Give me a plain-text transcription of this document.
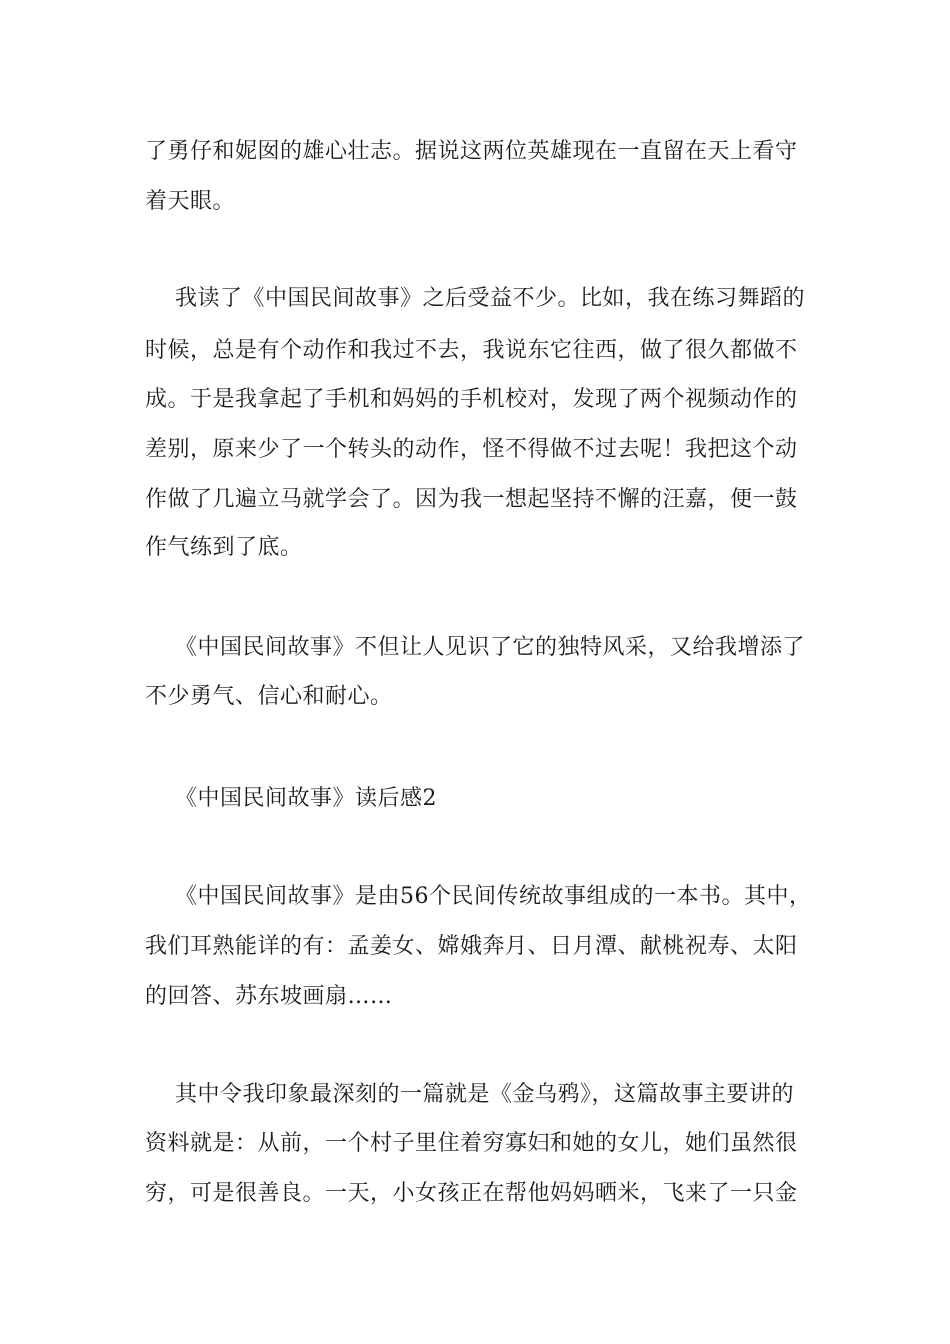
了勇仔和妮囡的雄心壮志。据说这两位英雄现在一直留在天上看守
着天眼。
我读了《中国民间故事》之后受益不少。比如，我在练习舞蹈的
时候，总是有个动作和我过不去，我说东它往西，做了很久都做不
成。于是我拿起了手机和妈妈的手机校对，发现了两个视频动作的
差别，原来少了一个转头的动作，怪不得做不过去呢！我把这个动
作做了几遍立马就学会了。因为我一想起坚持不懈的汪嘉，便一鼓
作气练到了底。
《中国民间故事》不但让人见识了它的独特风采，又给我增添了
不少勇气、信心和耐心。
《中国民间故事》读后感2
《中国民间故事》是由56个民间传统故事组成的一本书。其中，
我们耳熟能详的有：孟姜女、嫦娥奔月、日月潭、献桃祝寿、太阳
的回答、苏东坡画扇……
其中令我印象最深刻的一篇就是《金乌鸦》，这篇故事主要讲的
资料就是：从前，一个村子里住着穷寡妇和她的女儿，她们虽然很
穷，可是很善良。一天，小女孩正在帮他妈妈晒米，飞来了一只金
